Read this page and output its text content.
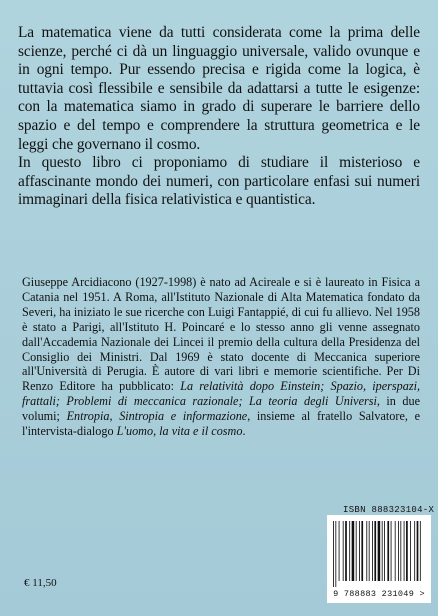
La matematica viene da tutti considerata come la prima delle scienze, perché ci dà un linguaggio universale, valido ovunque e in ogni tempo. Pur essendo precisa e rigida come la logica, è tuttavia così flessibile e sensibile da adattarsi a tutte le esigenze: con la matematica siamo in grado di superare le barriere dello spazio e del tempo e comprendere la struttura geometrica e le leggi che governano il cosmo.
In questo libro ci proponiamo di studiare il misterioso e affascinante mondo dei numeri, con particolare enfasi sui numeri immaginari della fisica relativistica e quantistica.

Giuseppe Arcidiacono (1927-1998) è nato ad Acireale e si è laureato in Fisica a Catania nel 1951. A Roma, all'Istituto Nazionale di Alta Matematica fondato da Severi, ha iniziato le sue ricerche con Luigi Fantappié, di cui fu allievo. Nel 1958 è stato a Parigi, all'Istituto H. Poincaré e lo stesso anno gli venne assegnato dall'Accademia Nazionale dei Lincei il premio della cultura della Presidenza del Consiglio dei Ministri. Dal 1969 è stato docente di Meccanica superiore all'Università di Perugia. È autore di vari libri e memorie scientifiche. Per Di Renzo Editore ha pubblicato: La relatività dopo Einstein; Spazio, iperspazi, frattali; Problemi di meccanica razionale; La teoria degli Universi, in due volumi; Entropia, Sintropia e informazione, insieme al fratello Salvatore, e l'intervista-dialogo L'uomo, la vita e il cosmo.

€ 11,50

ISBN 888323104-X

9 788883 231049 >
